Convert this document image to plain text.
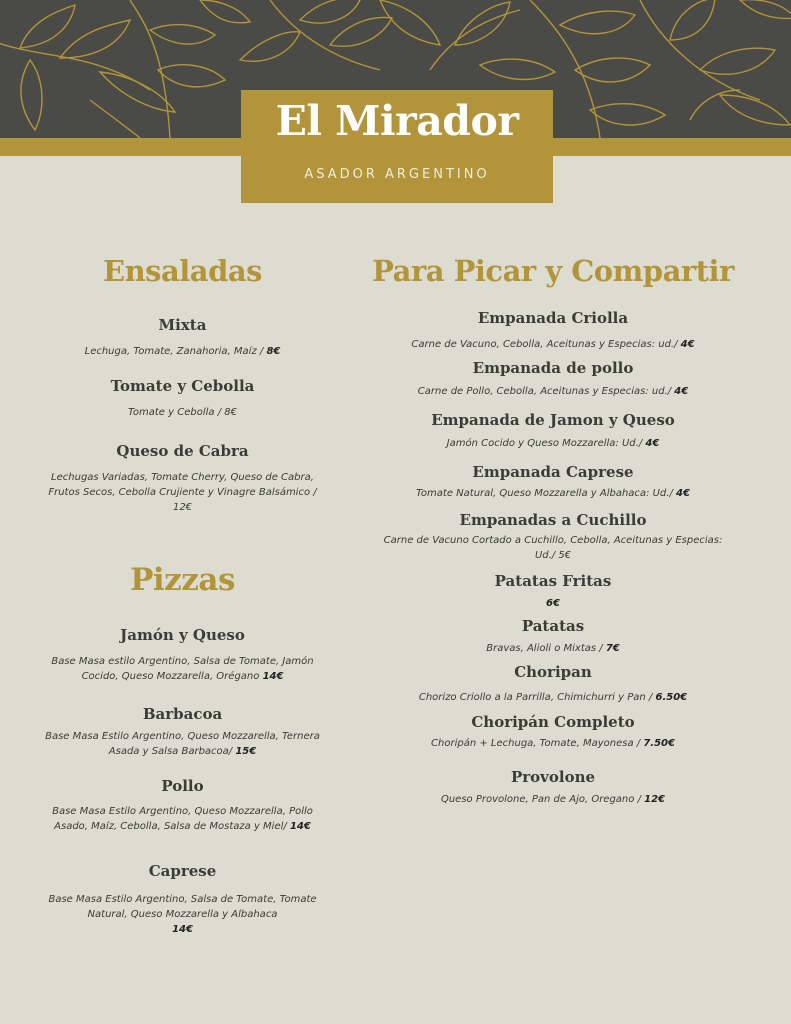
El Mirador
ASADOR ARGENTINO
Ensaladas
Mixta
Lechuga, Tomate, Zanahoria, Maíz / 8€
Tomate y Cebolla
Tomate y Cebolla / 8€
Queso de Cabra
Lechugas Variadas, Tomate Cherry, Queso de Cabra, Frutos Secos, Cebolla Crujiente y Vinagre Balsámico / 12€
Pizzas
Jamón y Queso
Base Masa estilo Argentino, Salsa de Tomate, Jamón Cocido, Queso Mozzarella, Orégano 14€
Barbacoa
Base Masa Estilo Argentino, Queso Mozzarella, Ternera Asada y Salsa Barbacoa/ 15€
Pollo
Base Masa Estilo Argentino, Queso Mozzarella, Pollo Asado, Maíz, Cebolla, Salsa de Mostaza y Miel/ 14€
Caprese
Base Masa Estilo Argentino, Salsa de Tomate, Tomate Natural, Queso Mozzarella y Albahaca
14€
Para Picar y Compartir
Empanada Criolla
Carne de Vacuno, Cebolla, Aceitunas y Especias: ud./ 4€
Empanada de pollo
Carne de Pollo, Cebolla, Aceitunas y Especias: ud./ 4€
Empanada de Jamon y Queso
Jamón Cocido y Queso Mozzarella: Ud./ 4€
Empanada Caprese
Tomate Natural, Queso Mozzarella y Albahaca: Ud./ 4€
Empanadas a Cuchillo
Carne de Vacuno Cortado a Cuchillo, Cebolla, Aceitunas y Especias: Ud./ 5€
Patatas Fritas
6€
Patatas
Bravas, Alioli o Mixtas / 7€
Choripan
Chorizo Criollo a la Parrilla, Chimichurri y Pan / 6.50€
Choripán Completo
Choripán + Lechuga, Tomate, Mayonesa / 7.50€
Provolone
Queso Provolone, Pan de Ajo, Oregano / 12€
